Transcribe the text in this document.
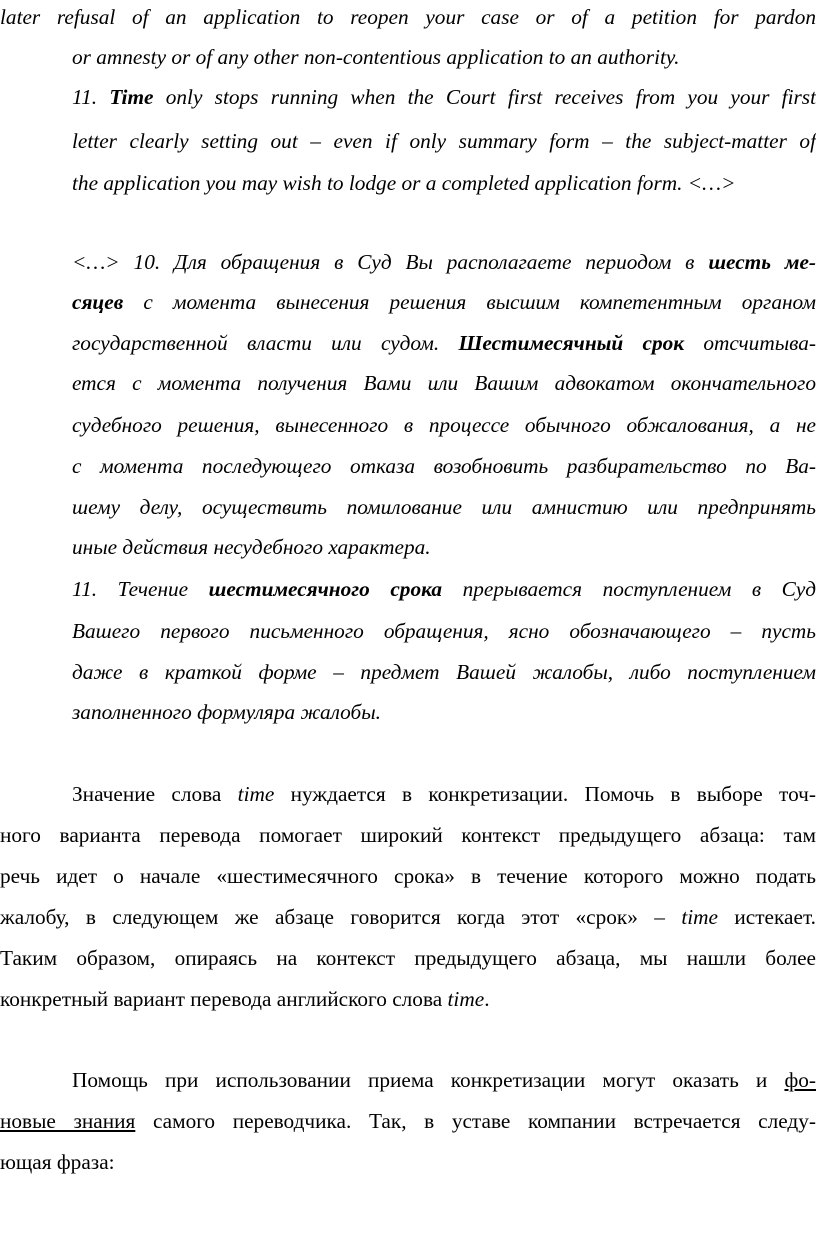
later refusal of an application to reopen your case or of a petition for pardon

or amnesty or of any other non-contentious application to an authority.

11. Time only stops running when the Court first receives from you your first

letter clearly setting out – even if only summary form – the subject-matter of

the application you may wish to lodge or a completed application form. <…>

<…> 10. Для обращения в Суд Вы располагаете периодом в шесть ме-

сяцев с момента вынесения решения высшим компетентным органом

государственной власти или судом. Шестимесячный срок отсчитыва-

ется с момента получения Вами или Вашим адвокатом окончательного

судебного решения, вынесенного в процессе обычного обжалования, а не

с момента последующего отказа возобновить разбирательство по Ва-

шему делу, осуществить помилование или амнистию или предпринять

иные действия несудебного характера.

11. Течение шестимесячного срока прерывается поступлением в Суд

Вашего первого письменного обращения, ясно обозначающего – пусть

даже в краткой форме – предмет Вашей жалобы, либо поступлением

заполненного формуляра жалобы.

Значение слова time нуждается в конкретизации. Помочь в выборе точ-

ного варианта перевода помогает широкий контекст предыдущего абзаца: там

речь идет о начале «шестимесячного срока» в течение которого можно подать

жалобу, в следующем же абзаце говорится когда этот «срок» – time истекает.

Таким образом, опираясь на контекст предыдущего абзаца, мы нашли более

конкретный вариант перевода английского слова time.

Помощь при использовании приема конкретизации могут оказать и фо-

новые знания самого переводчика. Так, в уставе компании встречается следу-

ющая фраза:
